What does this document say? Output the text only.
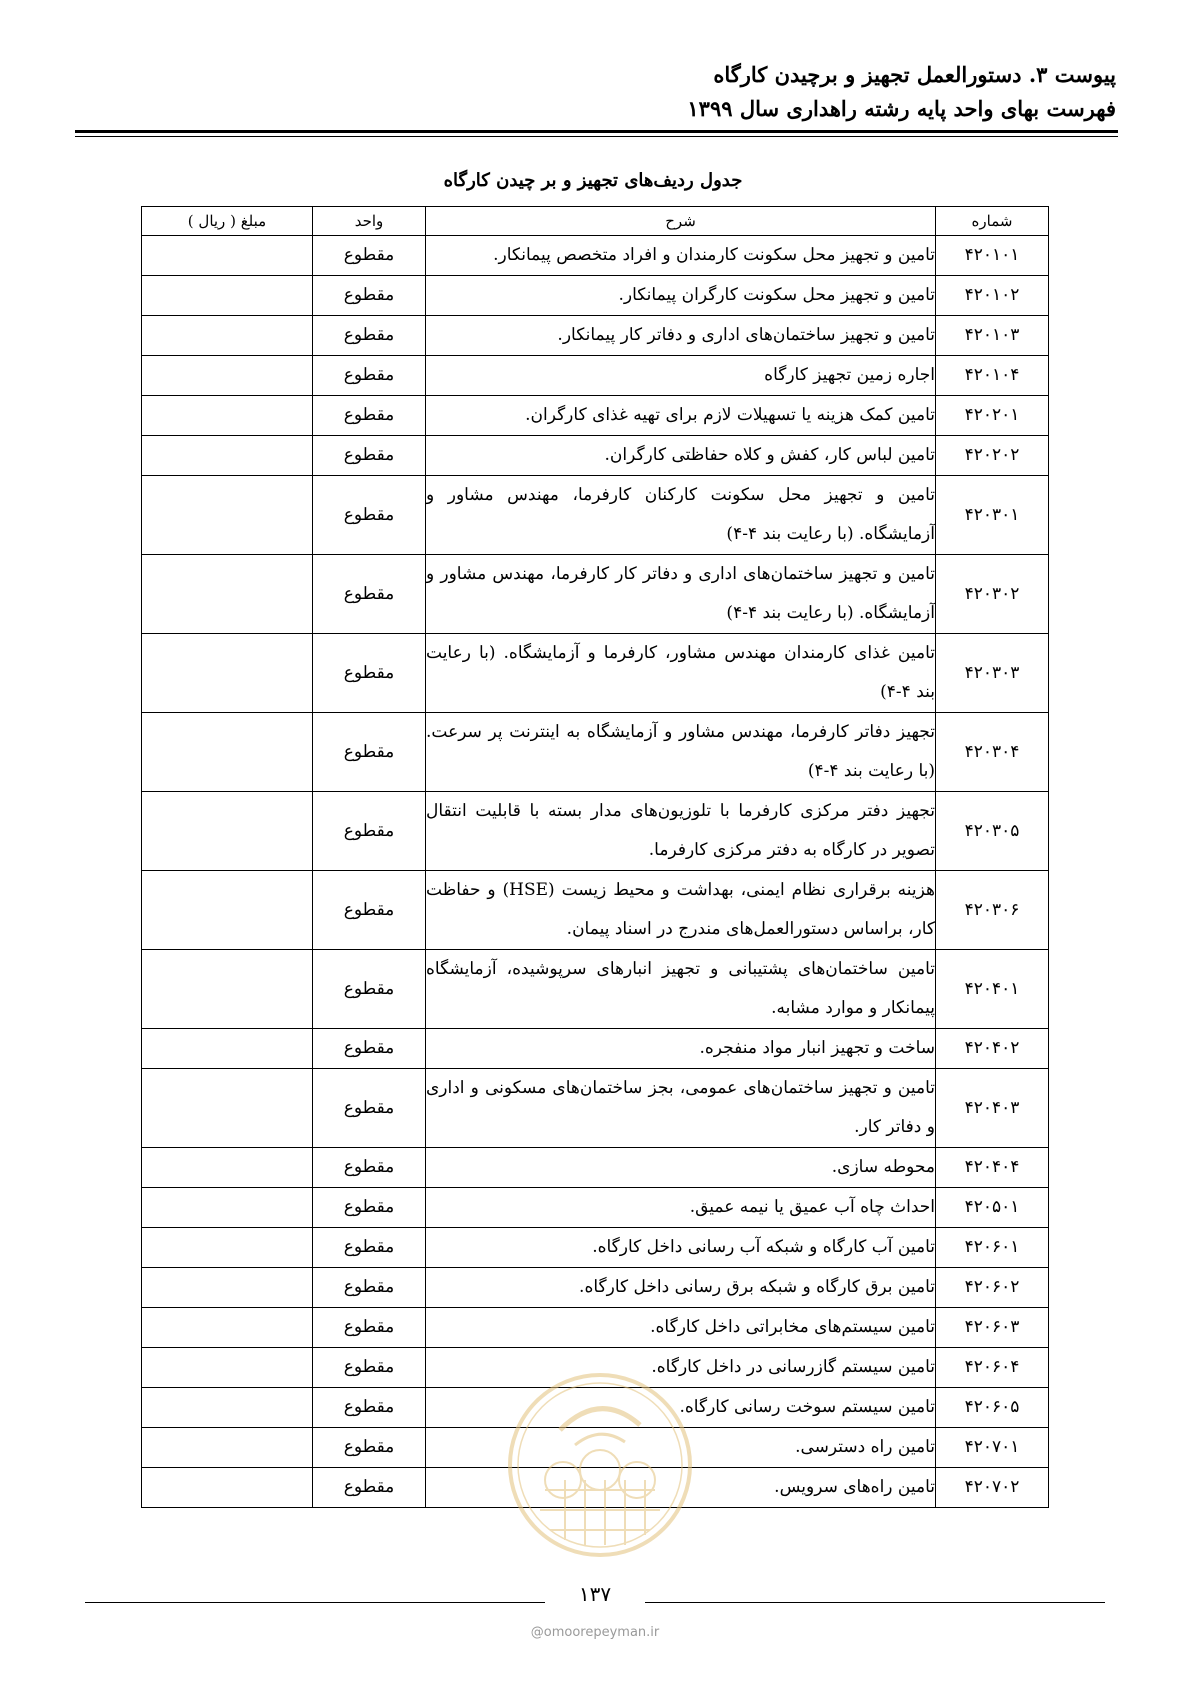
پیوست ۳. دستورالعمل تجهیز و برچیدن کارگاه
فهرست بهای واحد پایه رشته راهداری سال ۱۳۹۹
جدول ردیف‌های تجهیز و بر چیدن کارگاه
شماره	شرح	واحد	مبلغ ( ریال )
۴۲۰۱۰۱	تامین و تجهیز محل سکونت کارمندان و افراد متخصص پیمانکار.	مقطوع	
۴۲۰۱۰۲	تامین و تجهیز محل سکونت کارگران پیمانکار.	مقطوع	
۴۲۰۱۰۳	تامین و تجهیز ساختمان‌های اداری و دفاتر کار پیمانکار.	مقطوع	
۴۲۰۱۰۴	اجاره زمین تجهیز کارگاه	مقطوع	
۴۲۰۲۰۱	تامین کمک هزینه یا تسهیلات لازم برای تهیه غذای کارگران.	مقطوع	
۴۲۰۲۰۲	تامین لباس کار، کفش و کلاه حفاظتی کارگران.	مقطوع	
۴۲۰۳۰۱	تامین و تجهیز محل سکونت کارکنان کارفرما، مهندس مشاور و آزمایشگاه. (با رعایت بند ۴-۴)	مقطوع	
۴۲۰۳۰۲	تامین و تجهیز ساختمان‌های اداری و دفاتر کار کارفرما، مهندس مشاور و آزمایشگاه. (با رعایت بند ۴-۴)	مقطوع	
۴۲۰۳۰۳	تامین غذای کارمندان مهندس مشاور، کارفرما و آزمایشگاه. (با رعایت بند ۴-۴)	مقطوع	
۴۲۰۳۰۴	تجهیز دفاتر کارفرما، مهندس مشاور و آزمایشگاه به اینترنت پر سرعت. (با رعایت بند ۴-۴)	مقطوع	
۴۲۰۳۰۵	تجهیز دفتر مرکزی کارفرما با تلوزیون‌های مدار بسته با قابلیت انتقال تصویر در کارگاه به دفتر مرکزی کارفرما.	مقطوع	
۴۲۰۳۰۶	هزینه برقراری نظام ایمنی، بهداشت و محیط زیست (HSE) و حفاظت کار، براساس دستورالعمل‌های مندرج در اسناد پیمان.	مقطوع	
۴۲۰۴۰۱	تامین ساختمان‌های پشتیبانی و تجهیز انبارهای سرپوشیده، آزمایشگاه پیمانکار و موارد مشابه.	مقطوع	
۴۲۰۴۰۲	ساخت و تجهیز انبار مواد منفجره.	مقطوع	
۴۲۰۴۰۳	تامین و تجهیز ساختمان‌های عمومی، بجز ساختمان‌های مسکونی و اداری و دفاتر کار.	مقطوع	
۴۲۰۴۰۴	محوطه سازی.	مقطوع	
۴۲۰۵۰۱	احداث چاه آب عمیق یا نیمه عمیق.	مقطوع	
۴۲۰۶۰۱	تامین آب کارگاه و شبکه آب رسانی داخل کارگاه.	مقطوع	
۴۲۰۶۰۲	تامین برق کارگاه و شبکه برق رسانی داخل کارگاه.	مقطوع	
۴۲۰۶۰۳	تامین سیستم‌های مخابراتی داخل کارگاه.	مقطوع	
۴۲۰۶۰۴	تامین سیستم گازرسانی در داخل کارگاه.	مقطوع	
۴۲۰۶۰۵	تامین سیستم سوخت رسانی کارگاه.	مقطوع	
۴۲۰۷۰۱	تامین راه دسترسی.	مقطوع	
۴۲۰۷۰۲	تامین راه‌های سرویس.	مقطوع	
۱۳۷
@omoorepeyman.ir
